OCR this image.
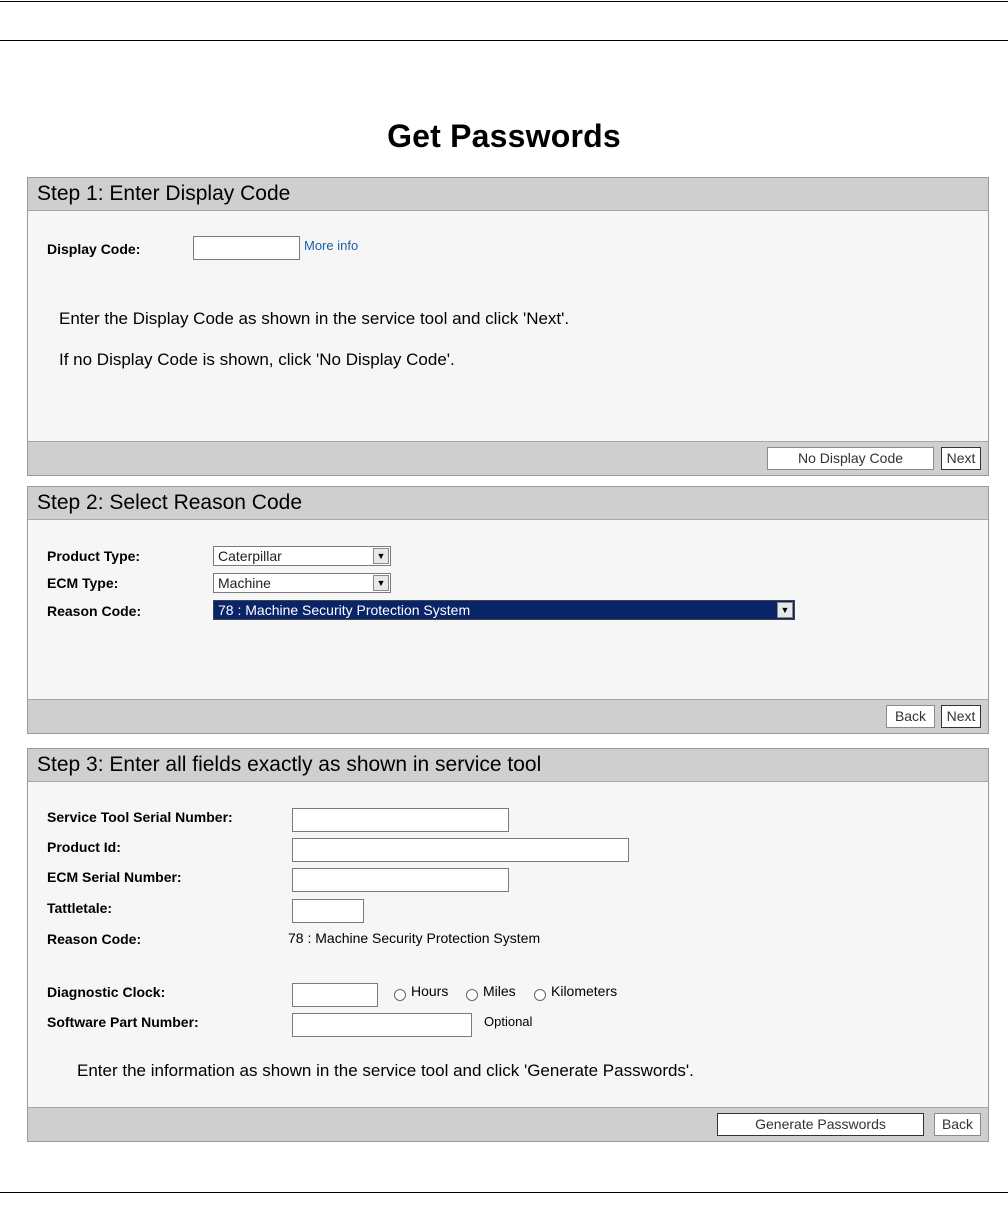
Get Passwords
Step 1: Enter Display Code
Display Code:	More info
Enter the Display Code as shown in the service tool and click 'Next'.
If no Display Code is shown, click 'No Display Code'.
No Display Code	Next
Step 2: Select Reason Code
Product Type:	Caterpillar	▼
ECM Type:	Machine	▼
Reason Code:	78 : Machine Security Protection System	▼
Back	Next
Step 3: Enter all fields exactly as shown in service tool
Service Tool Serial Number:
Product Id:
ECM Serial Number:
Tattletale:
Reason Code:	78 : Machine Security Protection System
Diagnostic Clock:	Hours Miles	Kilometers
Software Part Number:	Optional
Enter the information as shown in the service tool and click 'Generate Passwords'.
Generate Passwords	Back
